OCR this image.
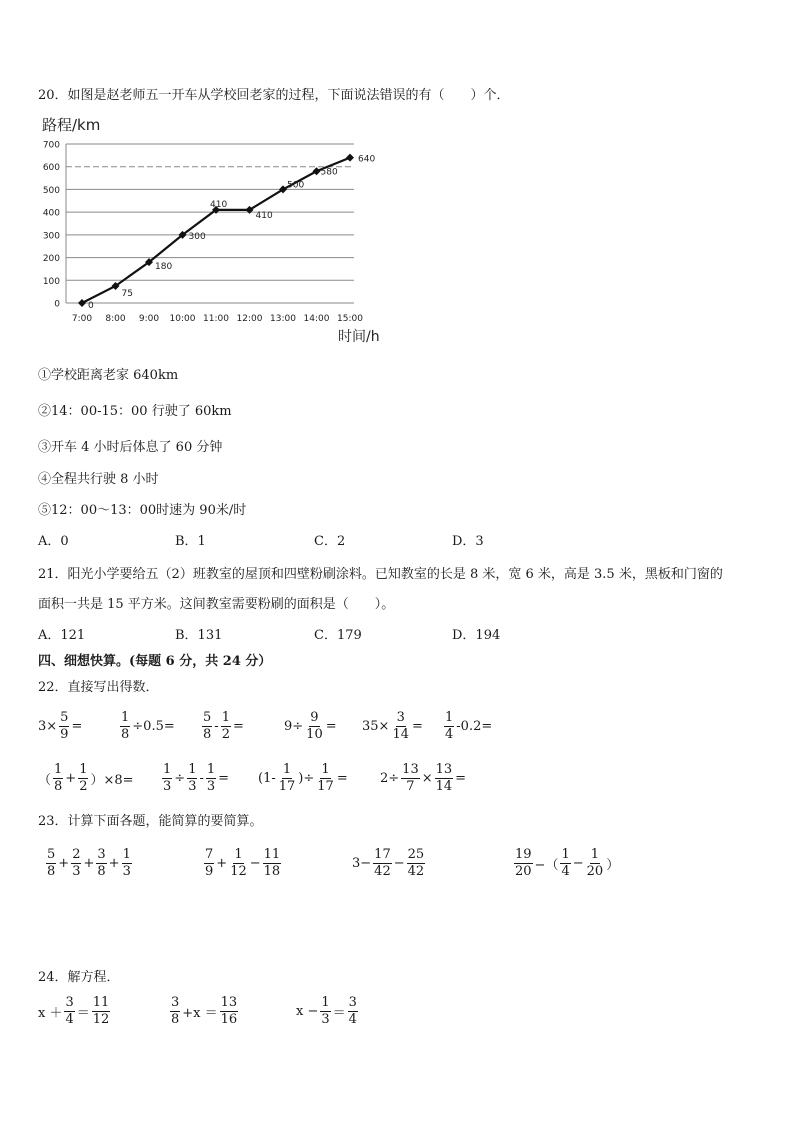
20．如图是赵老师五一开车从学校回老家的过程，下面说法错误的有（　　）个．
路程/km
时间/h
0
100
200
300
400
500
600
700
7:00 8:00 9:00 10:00 11:00 12:00 13:00 14:00 15:00
0
75
180
300
410
410
500
580
640
①学校距离老家 640km
②14：00-15：00 行驶了 60km
③开车 4 小时后体息了 60 分钟
④全程共行驶 8 小时
⑤12：00～13：00时速为 90米/时
A．0	B．1	C．2	D．3
21．阳光小学要给五（2）班教室的屋顶和四壁粉刷涂料。已知教室的长是 8 米，宽 6 米，高是 3.5 米，黑板和门窗的
面积一共是 15 平方米。这间教室需要粉刷的面积是（　　）。
A．121	B．131	C．179	D．194
四、细想快算。(每题 6 分，共 24 分）
22．直接写出得数．
$3\times \frac{5}{9}$ =	$\frac{1}{8} \div 0.5= \frac{5}{8} - \frac{1}{2}$ =	$9\div \frac{9}{10} = 35\times \frac{3}{14} = \frac{1}{4} -0.2=$
（ $\frac{1}{8} + \frac{1}{2} )\times 8= \frac{1}{3} \div \frac{1}{3} - \frac{1}{3} = (1- \frac{1}{17}$ )÷ $\frac{1}{17} = 2\div \frac{13}{7} \times \frac{13}{14}$ =
23．计算下面各题，能简算的要简算。
$\frac{5}{8} + \frac{2}{3} + \frac{3}{8} + \frac{1}{3}$	$\frac{7}{9} + \frac{1}{12} - \frac{11}{18}$	$3- \frac{17}{42} - \frac{25}{42}$	$\frac{19}{20}$ −（ $\frac{1}{4} - \frac{1}{20}$ ）
24．解方程．
$x + \frac{3}{4} = \frac{11}{12}$	$\frac{3}{8} +x = \frac{13}{16}$	$x - \frac{1}{3} = \frac{3}{4}$
